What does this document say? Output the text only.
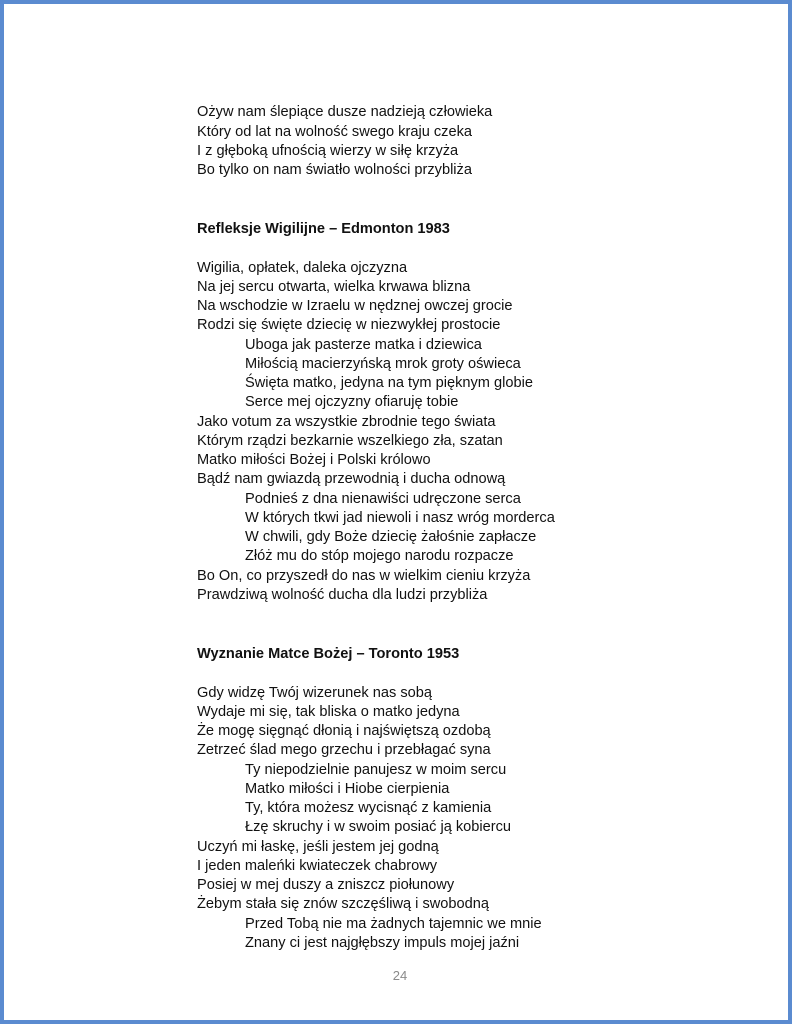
Ożyw nam ślepiące dusze nadzieją człowieka
Który od lat na wolność swego kraju czeka
I z głęboką ufnością wierzy w siłę krzyża
Bo tylko on nam światło wolności przybliża
Refleksje Wigilijne – Edmonton 1983
Wigilia, opłatek, daleka ojczyzna
Na jej sercu otwarta, wielka krwawa blizna
Na wschodzie w Izraelu w nędznej owczej grocie
Rodzi się święte dziecię w niezwykłej prostocie
Uboga jak pasterze matka i dziewica
Miłością macierzyńską mrok groty oświeca
Święta matko, jedyna na tym pięknym globie
Serce mej ojczyzny ofiaruję tobie
Jako votum za wszystkie zbrodnie tego świata
Którym rządzi bezkarnie wszelkiego zła, szatan
Matko miłości Bożej i Polski królowo
Bądź nam gwiazdą przewodnią i ducha odnową
Podnieś z dna nienawiści udręczone serca
W których tkwi jad niewoli i nasz wróg morderca
W chwili, gdy Boże dziecię żałośnie zapłacze
Złóż mu do stóp mojego narodu rozpacze
Bo On, co przyszedł do nas w wielkim cieniu krzyża
Prawdziwą wolność ducha dla ludzi przybliża
Wyznanie Matce Bożej – Toronto 1953
Gdy widzę Twój wizerunek nas sobą
Wydaje mi się, tak bliska o matko jedyna
Że mogę sięgnąć dłonią i najświętszą ozdobą
Zetrzeć ślad mego grzechu i przebłagać syna
Ty niepodzielnie panujesz w moim sercu
Matko miłości i Hiobe cierpienia
Ty, która możesz wycisnąć z kamienia
Łzę skruchy i w swoim posiać ją kobiercu
Uczyń mi łaskę, jeśli jestem jej godną
I jeden maleńki kwiateczek chabrowy
Posiej w mej duszy a zniszcz piołunowy
Żebym stała się znów szczęśliwą i swobodną
Przed Tobą nie ma żadnych tajemnic we mnie
Znany ci jest najgłębszy impuls mojej jaźni
24
